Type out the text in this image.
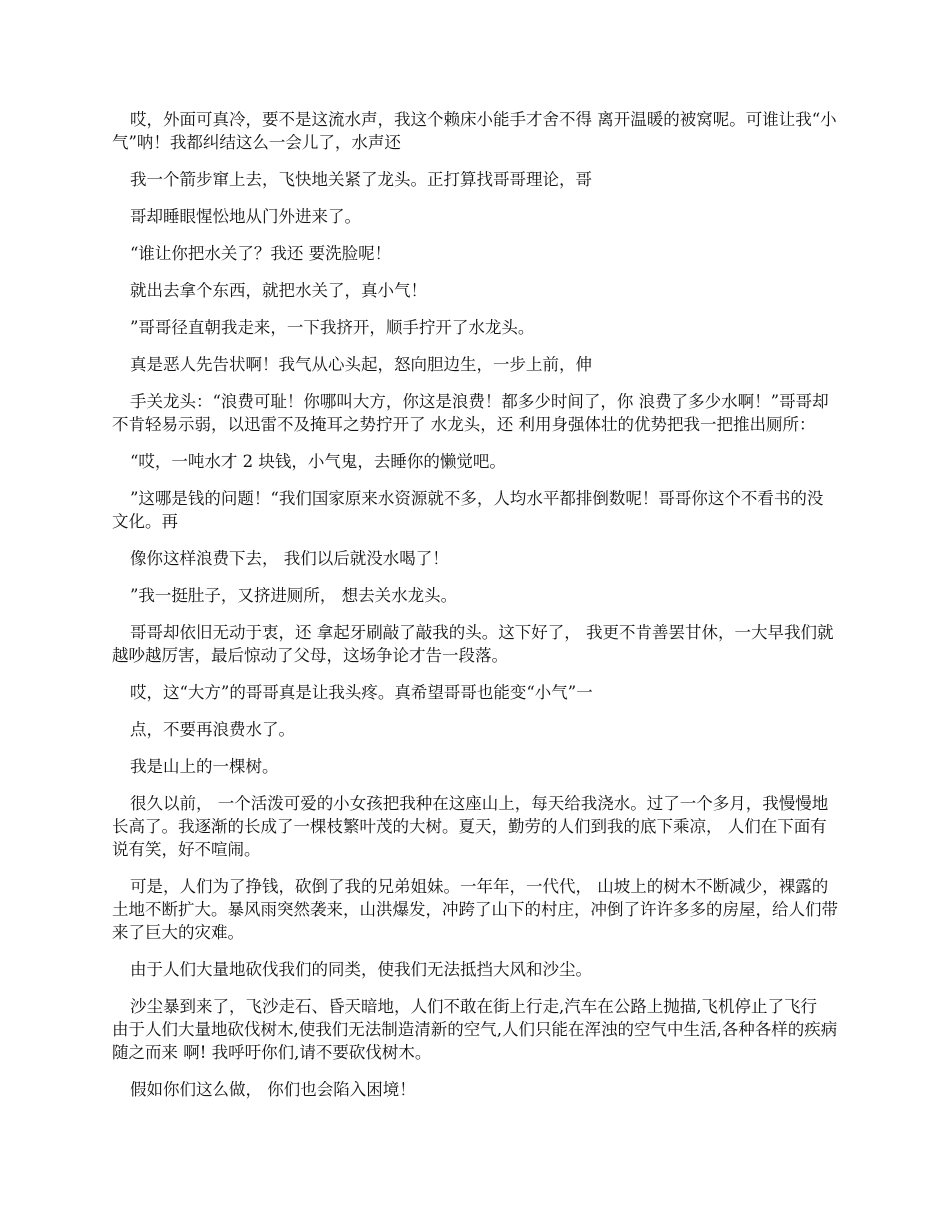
哎，外面可真冷，要不是这流水声，我这个赖床小能手才舍不得 离开温暖的被窝呢。可谁让我“小气”呐！我都纠结这么一会儿了，水声还

我一个箭步窜上去，飞快地关紧了龙头。正打算找哥哥理论，哥

哥却睡眼惺忪地从门外进来了。

“谁让你把水关了？我还 要洗脸呢！

就出去拿个东西，就把水关了，真小气！

”哥哥径直朝我走来，一下我挤开，顺手拧开了水龙头。

真是恶人先告状啊！我气从心头起，怒向胆边生，一步上前，伸

手关龙头：“浪费可耻！你哪叫大方，你这是浪费！都多少时间了，你 浪费了多少水啊！”哥哥却不肯轻易示弱，以迅雷不及掩耳之势拧开了 水龙头，还 利用身强体壮的优势把我一把推出厕所：

“哎，一吨水才 2 块钱，小气鬼，去睡你的懒觉吧。

”这哪是钱的问题！“我们国家原来水资源就不多，人均水平都排倒数呢！哥哥你这个不看书的没文化。再

像你这样浪费下去， 我们以后就没水喝了！

”我一挺肚子，又挤进厕所， 想去关水龙头。

哥哥却依旧无动于衷，还 拿起牙刷敲了敲我的头。这下好了， 我更不肯善罢甘休，一大早我们就越吵越厉害，最后惊动了父母，这场争论才告一段落。

哎，这“大方”的哥哥真是让我头疼。真希望哥哥也能变“小气”一

点，不要再浪费水了。

我是山上的一棵树。

很久以前， 一个活泼可爱的小女孩把我种在这座山上，每天给我浇水。过了一个多月，我慢慢地长高了。我逐渐的长成了一棵枝繁叶茂的大树。夏天，勤劳的人们到我的底下乘凉， 人们在下面有说有笑，好不喧闹。

可是，人们为了挣钱，砍倒了我的兄弟姐妹。一年年，一代代， 山坡上的树木不断减少，裸露的土地不断扩大。暴风雨突然袭来，山洪爆发，冲跨了山下的村庄，冲倒了许许多多的房屋，给人们带来了巨大的灾难。

由于人们大量地砍伐我们的同类，使我们无法抵挡大风和沙尘。

沙尘暴到来了，飞沙走石、昏天暗地，人们不敢在街上行走,汽车在公路上抛描,飞机停止了飞行 由于人们大量地砍伐树木,使我们无法制造清新的空气,人们只能在浑浊的空气中生活,各种各样的疾病随之而来 啊! 我呼吁你们,请不要砍伐树木。

假如你们这么做， 你们也会陷入困境！
